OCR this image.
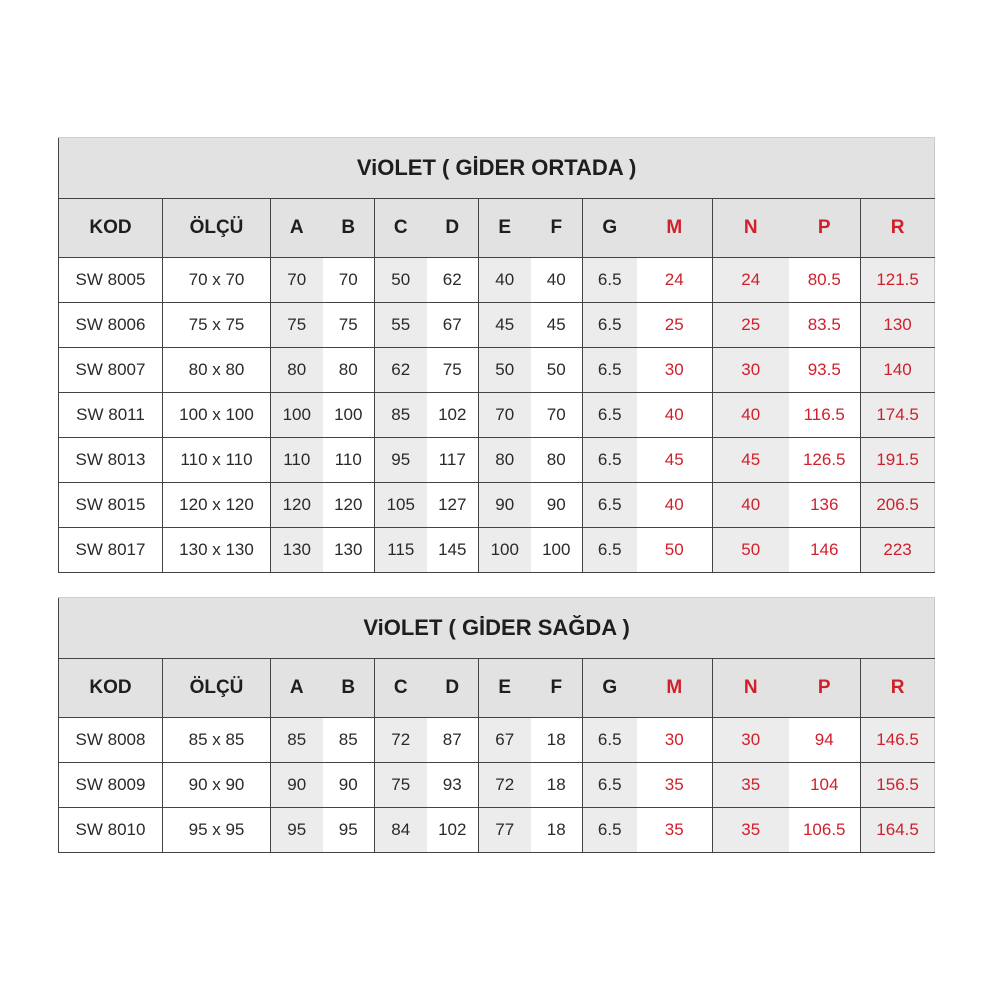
ViOLET ( GİDER ORTADA )												
KOD	ÖLÇÜ	A	B	C	D	E	F	G	M	N	P	R
SW 8005	70 x 70	70	70	50	62	40	40	6.5	24	24	80.5	121.5
SW 8006	75 x 75	75	75	55	67	45	45	6.5	25	25	83.5	130
SW 8007	80 x 80	80	80	62	75	50	50	6.5	30	30	93.5	140
SW 8011	100 x 100	100	100	85	102	70	70	6.5	40	40	116.5	174.5
SW 8013	110 x 110	110	110	95	117	80	80	6.5	45	45	126.5	191.5
SW 8015	120 x 120	120	120	105	127	90	90	6.5	40	40	136	206.5
SW 8017	130 x 130	130	130	115	145	100	100	6.5	50	50	146	223
ViOLET ( GİDER SAĞDA )												
KOD	ÖLÇÜ	A	B	C	D	E	F	G	M	N	P	R
SW 8008	85 x 85	85	85	72	87	67	18	6.5	30	30	94	146.5
SW 8009	90 x 90	90	90	75	93	72	18	6.5	35	35	104	156.5
SW 8010	95 x 95	95	95	84	102	77	18	6.5	35	35	106.5	164.5
